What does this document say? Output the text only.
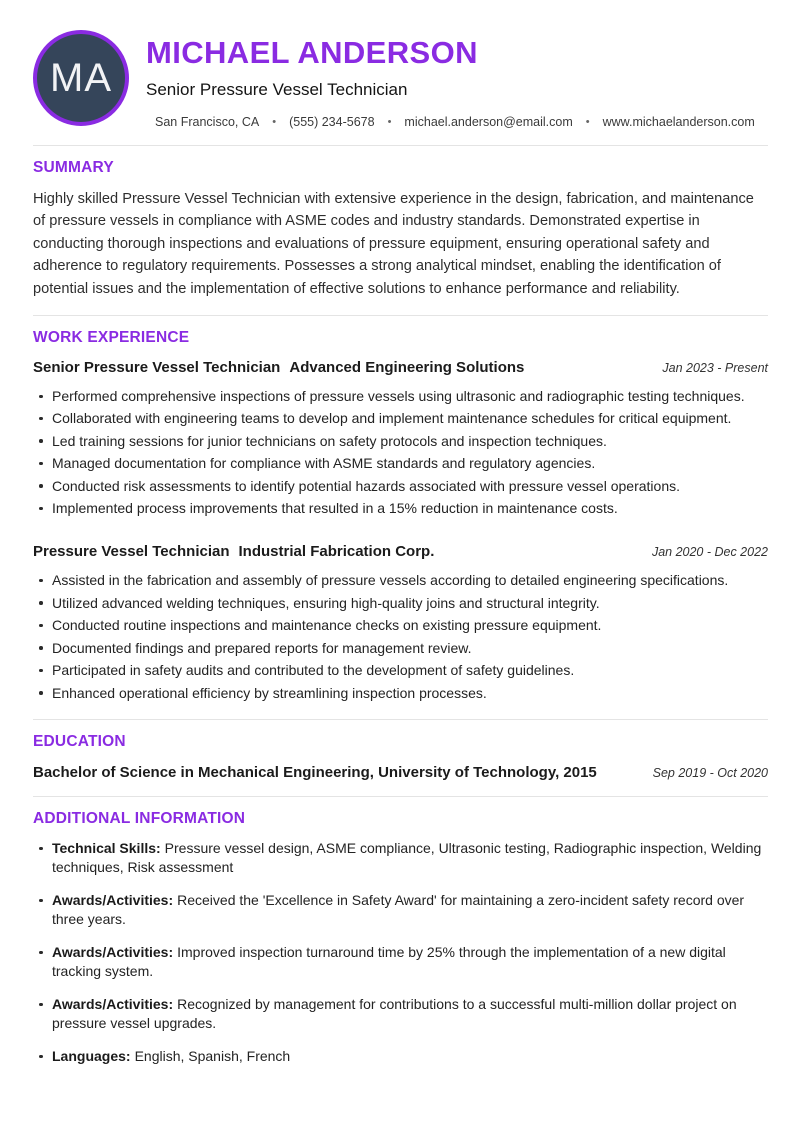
MA
MICHAEL ANDERSON
Senior Pressure Vessel Technician
San Francisco, CA • (555) 234-5678 • michael.anderson@email.com • www.michaelanderson.com
SUMMARY

Highly skilled Pressure Vessel Technician with extensive experience in the design, fabrication, and maintenance of pressure vessels in compliance with ASME codes and industry standards. Demonstrated expertise in conducting thorough inspections and evaluations of pressure equipment, ensuring operational safety and adherence to regulatory requirements. Possesses a strong analytical mindset, enabling the identification of potential issues and the implementation of effective solutions to enhance performance and reliability.

WORK EXPERIENCE
Senior Pressure Vessel Technician Advanced Engineering Solutions	Jan 2023 - Present
Performed comprehensive inspections of pressure vessels using ultrasonic and radiographic testing techniques.
Collaborated with engineering teams to develop and implement maintenance schedules for critical equipment.
Led training sessions for junior technicians on safety protocols and inspection techniques.
Managed documentation for compliance with ASME standards and regulatory agencies.
Conducted risk assessments to identify potential hazards associated with pressure vessel operations.
Implemented process improvements that resulted in a 15% reduction in maintenance costs.
Pressure Vessel Technician Industrial Fabrication Corp.	Jan 2020 - Dec 2022
Assisted in the fabrication and assembly of pressure vessels according to detailed engineering specifications.
Utilized advanced welding techniques, ensuring high-quality joins and structural integrity.
Conducted routine inspections and maintenance checks on existing pressure equipment.
Documented findings and prepared reports for management review.
Participated in safety audits and contributed to the development of safety guidelines.
Enhanced operational efficiency by streamlining inspection processes.
EDUCATION
Bachelor of Science in Mechanical Engineering, University of Technology, 2015	Sep 2019 - Oct 2020
ADDITIONAL INFORMATION
Technical Skills: Pressure vessel design, ASME compliance, Ultrasonic testing, Radiographic inspection, Welding techniques, Risk assessment
Awards/Activities: Received the 'Excellence in Safety Award' for maintaining a zero-incident safety record over three years.
Awards/Activities: Improved inspection turnaround time by 25% through the implementation of a new digital tracking system.
Awards/Activities: Recognized by management for contributions to a successful multi-million dollar project on pressure vessel upgrades.
Languages: English, Spanish, French
